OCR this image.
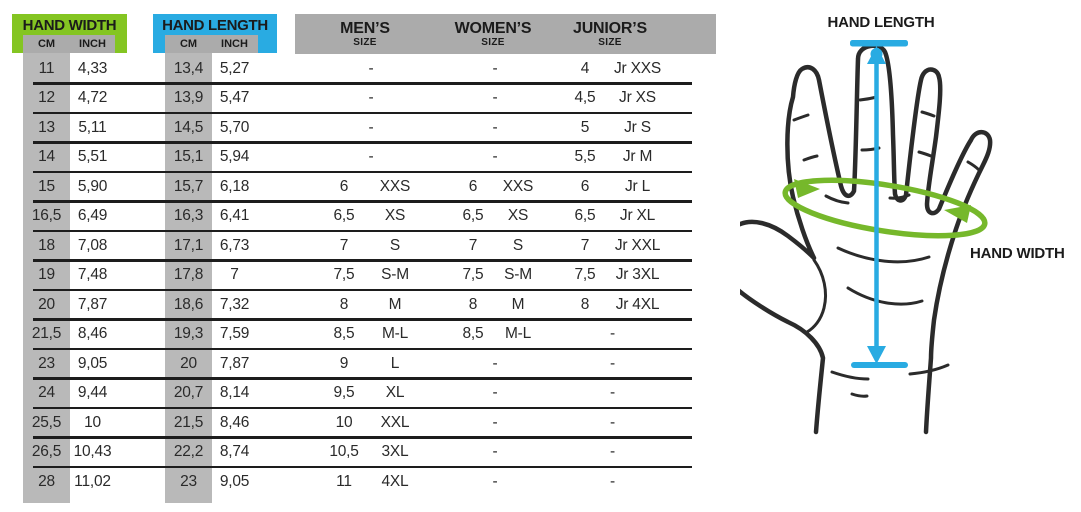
HAND WIDTH
CM	INCH
HAND LENGTH
CM	INCH
MEN’S
SIZE
WOMEN’S
SIZE
JUNIOR’S
SIZE
11	4,33	13,4	5,27	-	-	4	Jr XXS
12	4,72	13,9	5,47	-	-	4,5	Jr XS
13	5,11	14,5	5,70	-	-	5	Jr S
14	5,51	15,1	5,94	-	-	5,5	Jr M
15	5,90	15,7	6,18	6	XXS	6	XXS	6	Jr L
16,5	6,49	16,3	6,41	6,5	XS	6,5	XS	6,5	Jr XL
18	7,08	17,1	6,73	7	S	7	S	7	Jr XXL
19	7,48	17,8	7	7,5	S-M	7,5	S-M	7,5	Jr 3XL
20	7,87	18,6	7,32	8	M	8	M	8	Jr 4XL
21,5	8,46	19,3	7,59	8,5	M-L	8,5	M-L	-
23	9,05	20	7,87	9	L	-	-
24	9,44	20,7	8,14	9,5	XL	-	-
25,5	10	21,5	8,46	10	XXL	-	-
26,5 10,43	22,2	8,74	10,5	3XL	-	-
28	11,02	23	9,05	11	4XL	-	-
HAND LENGTH
HAND WIDTH
